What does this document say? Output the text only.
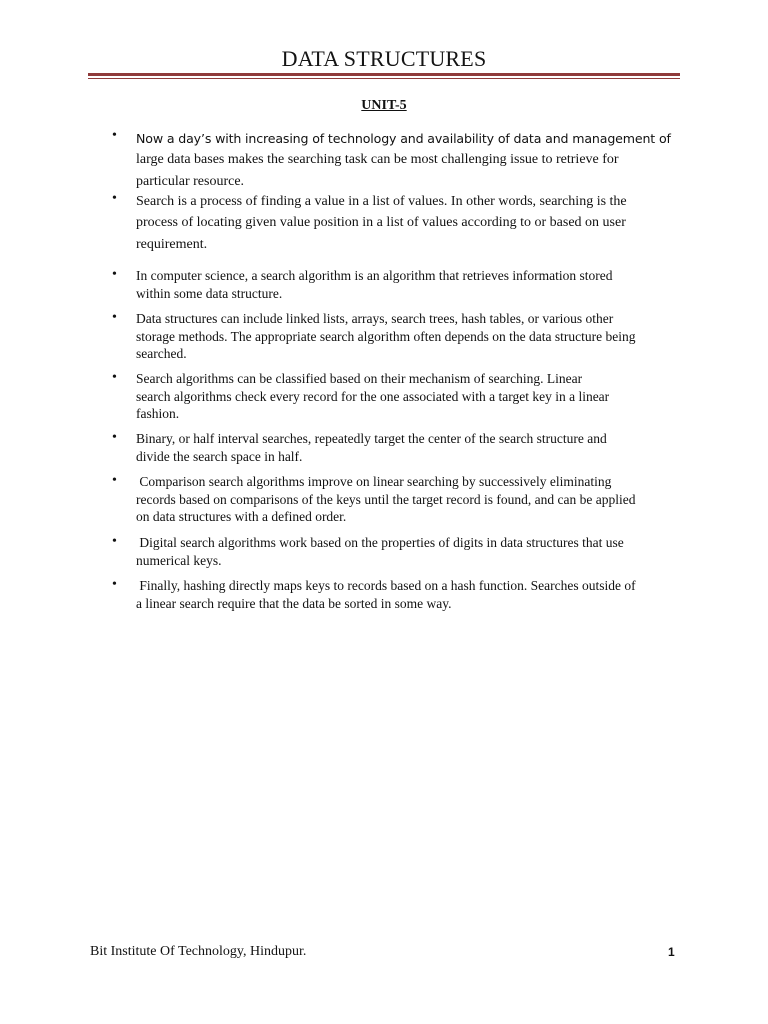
DATA STRUCTURES
UNIT-5
• Now a day’s with increasing of technology and availability of data and management of
large data bases makes the searching task can be most challenging issue to retrieve for
particular resource.
• Search is a process of finding a value in a list of values. In other words, searching is the
process of locating given value position in a list of values according to or based on user
requirement.
• In computer science, a search algorithm is an algorithm that retrieves information stored
within some data structure.
• Data structures can include linked lists, arrays, search trees, hash tables, or various other
storage methods. The appropriate search algorithm often depends on the data structure being
searched.
• Search algorithms can be classified based on their mechanism of searching. Linear
search algorithms check every record for the one associated with a target key in a linear
fashion.
• Binary, or half interval searches, repeatedly target the center of the search structure and
divide the search space in half.
• Comparison search algorithms improve on linear searching by successively eliminating
records based on comparisons of the keys until the target record is found, and can be applied
on data structures with a defined order.
• Digital search algorithms work based on the properties of digits in data structures that use
numerical keys.
• Finally, hashing directly maps keys to records based on a hash function. Searches outside of
a linear search require that the data be sorted in some way.
Bit Institute Of Technology, Hindupur.	1
